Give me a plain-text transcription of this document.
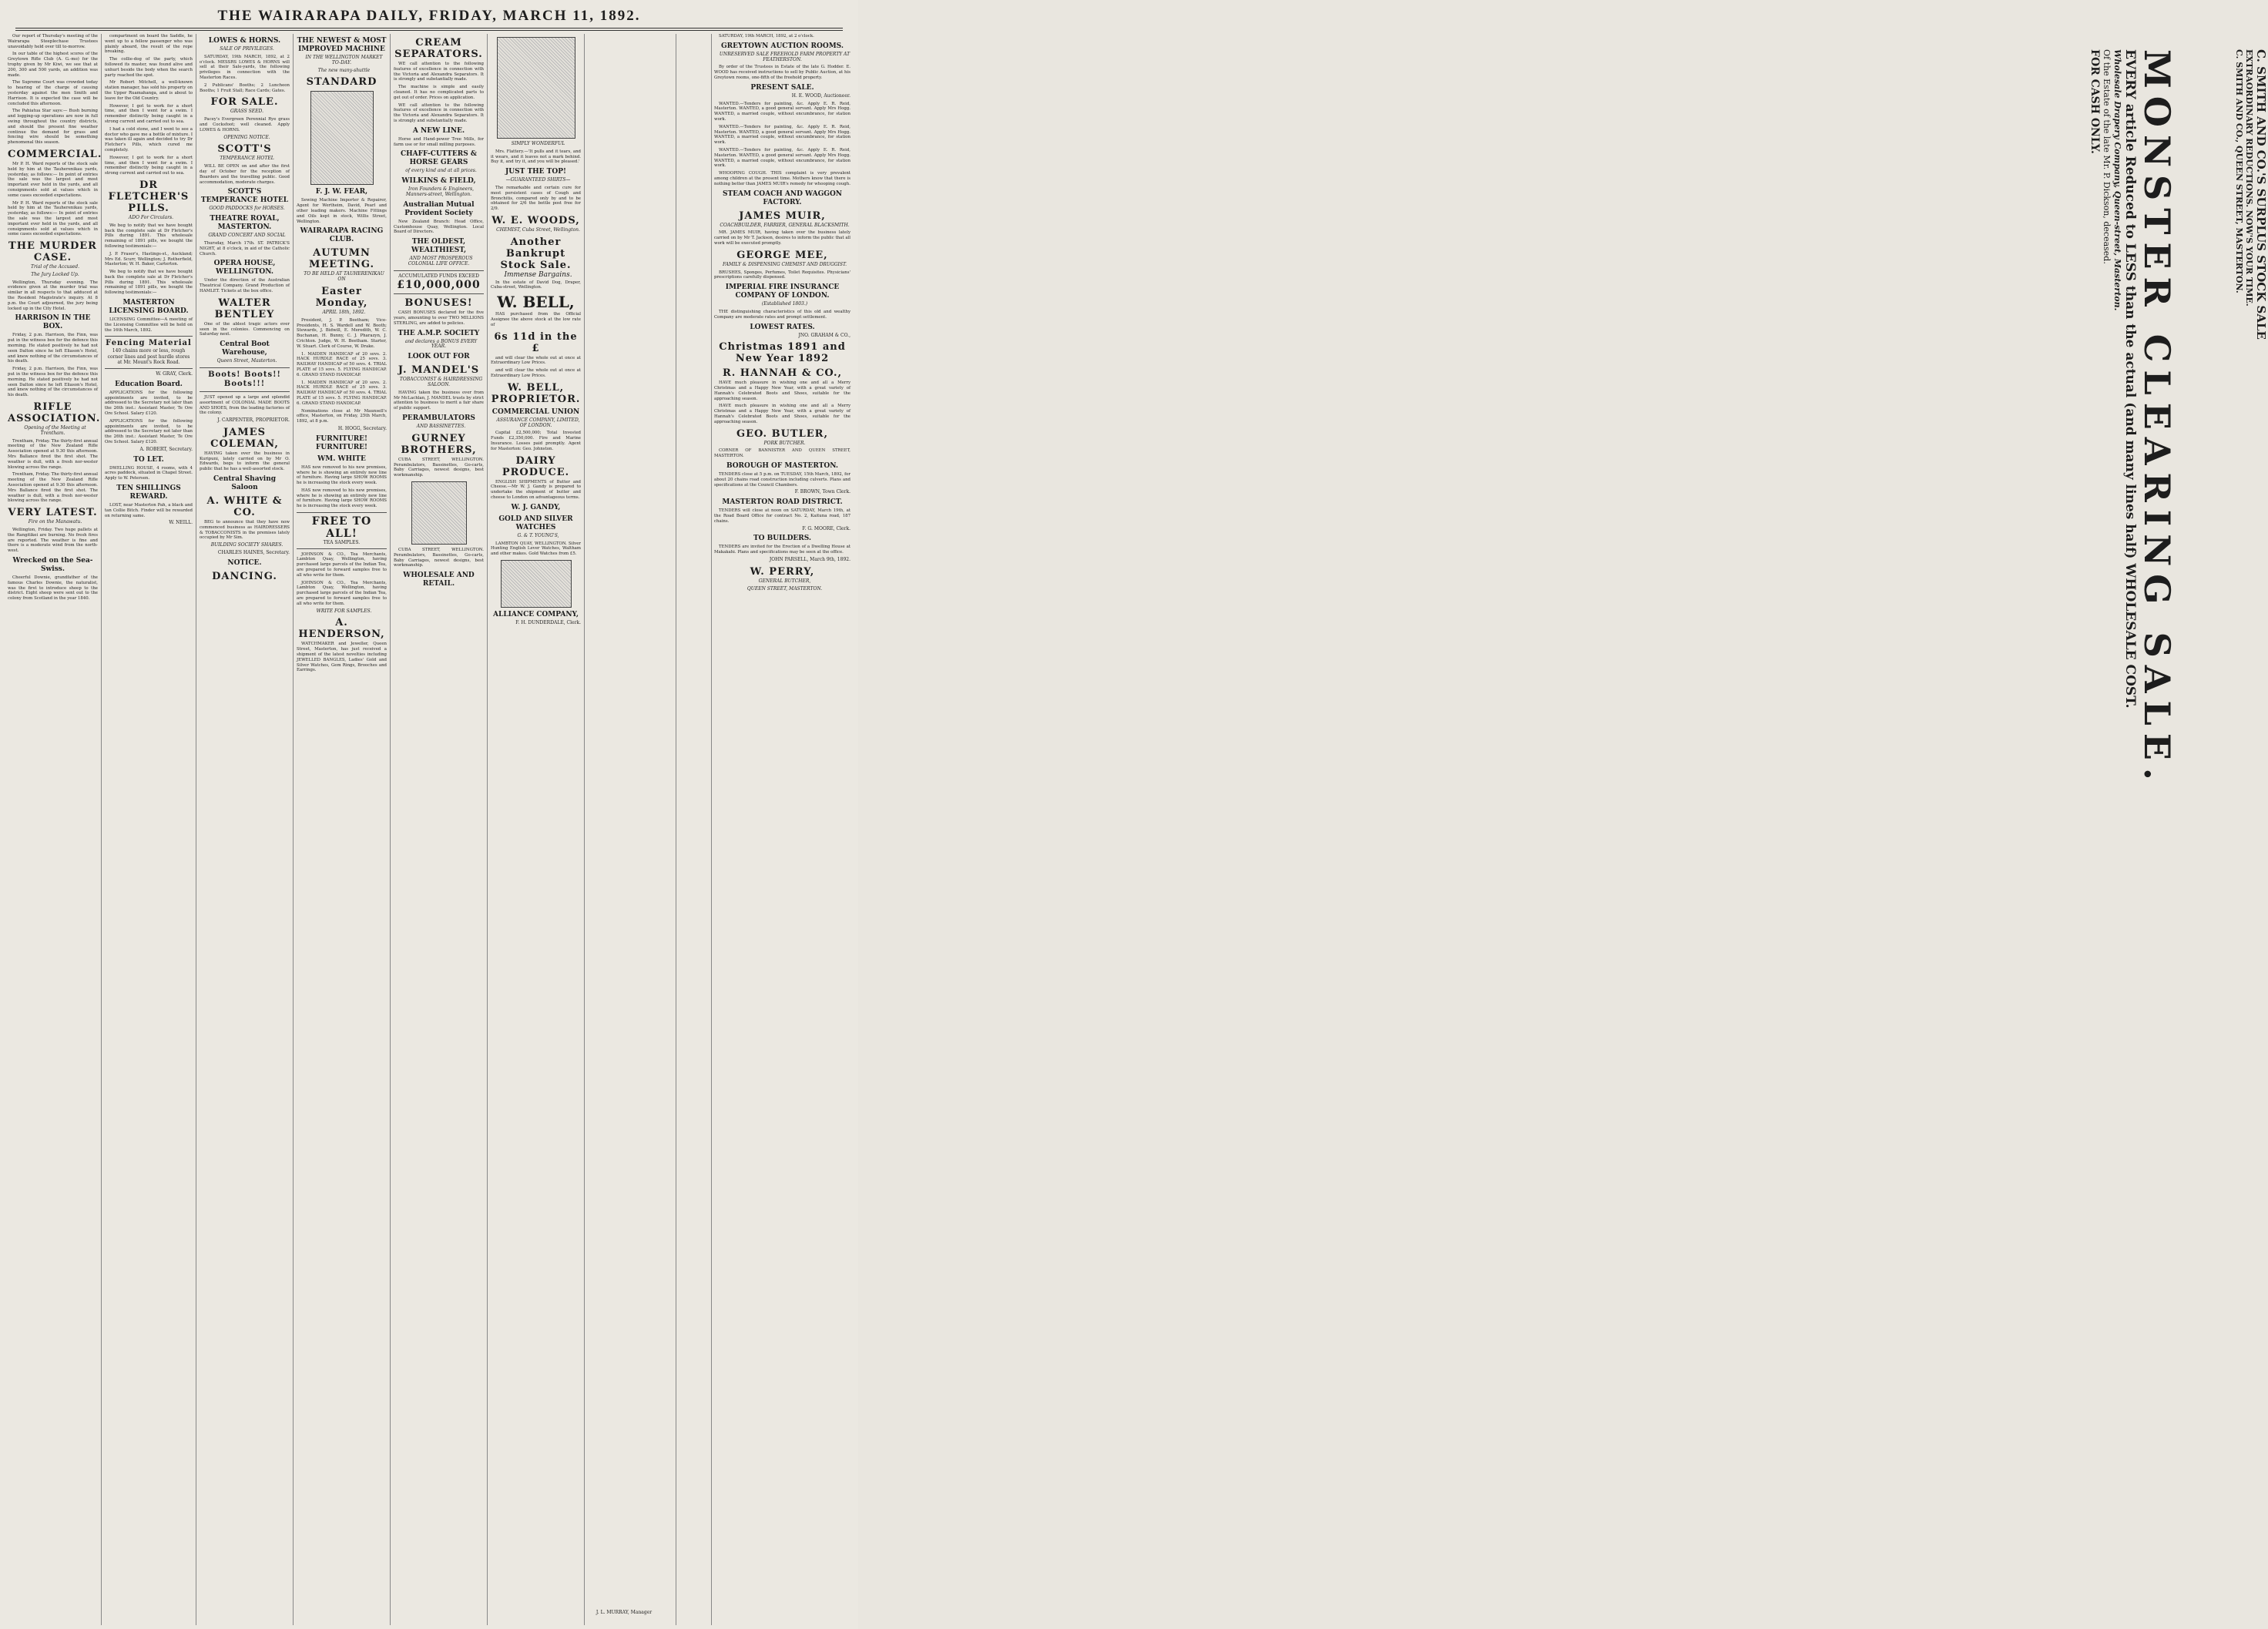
THE WAIRARAPA DAILY, FRIDAY, MARCH 11, 1892.

Our report of Thursday's meeting of the Wairarapa Steeplechase Trustees unavoidably held over till to-morrow.

In our table of the highest scores of the Greytown Rifle Club (A. G.-mo) for the trophy given by Mr Kiwi, we see that at 200, 300 and 500 yards, an addition was made.

The Supreme Court was crowded today to hearing of the charge of causing yesterday against the men Smith and Harrison. It is expected the case will be concluded this afternoon.

The Pahiatua Star says:— Bush burning and logging-up operations are now in full swing throughout the country districts, and should the present fine weather continue the demand for grass and fencing wire should be something phenomenal this season.

COMMERCIAL.

Mr P. H. Ward reports of the stock sale held by him at the Tauherenikau yards, yesterday, as follows:— In point of entries the sale was the largest and most important ever held in the yards, and all consignments sold at values which in some cases exceeded expectations.

Mr P. H. Ward reports of the stock sale held by him at the Tauherenikau yards, yesterday, as follows:— In point of entries the sale was the largest and most important ever held in the yards, and all consignments sold at values which in some cases exceeded expectations.

THE MURDER CASE.

Trial of the Accused.

The Jury Locked Up.

Wellington, Thursday evening. The evidence given at the murder trial was similar in all respects to that adduced at the Resident Magistrate's inquiry. At 8 p.m. the Court adjourned, the jury being locked up in the City Hotel.

HARRISON IN THE BOX.

Friday, 2 p.m. Harrison, the Finn, was put in the witness box for the defence this morning. He stated positively he had not seen Dalton since he left Eliason's Hotel, and knew nothing of the circumstances of his death.

Friday, 2 p.m. Harrison, the Finn, was put in the witness box for the defence this morning. He stated positively he had not seen Dalton since he left Eliason's Hotel, and knew nothing of the circumstances of his death.

RIFLE ASSOCIATION.

Opening of the Meeting at Trentham.

Trentham, Friday. The thirty-first annual meeting of the New Zealand Rifle Association opened at 9.30 this afternoon. Mrs Ballance fired the first shot. The weather is dull, with a fresh nor-wester blowing across the range.

Trentham, Friday. The thirty-first annual meeting of the New Zealand Rifle Association opened at 9.30 this afternoon. Mrs Ballance fired the first shot. The weather is dull, with a fresh nor-wester blowing across the range.

VERY LATEST.

Fire on the Manawatu.

Wellington, Friday. Two huge pallets at the Rangitikei are burning. No fresh fires are reported. The weather is fine and there is a moderate wind from the north-west.

Wrecked on the Sea-Swiss.

Cheerful Downie, grandfather of the famous Charles Downie, the naturalist, was the first to introduce sheep to the district. Eight sheep were sent out to the colony from Scotland in the year 1840.

compartment on board the Saddle, he went up to a fellow passenger who was plainly aboard, the result of the rope breaking.

The collie-dog of the party, which followed its master, was found alive and unhurt beside the body when the search party reached the spot.

Mr Robert Mitchell, a well-known station manager, has sold his property on the Upper Ruamahanga, and is about to leave for the Old Country.

However, I got to work for a short time, and then I went for a swim. I remember distinctly being caught in a strong current and carried out to sea.

I had a cold stone, and I went to see a doctor who gave me a bottle of mixture. I was taken ill again and decided to try Dr Fletcher's Pills, which cured me completely.

However, I got to work for a short time, and then I went for a swim. I remember distinctly being caught in a strong current and carried out to sea.

DR FLETCHER'S PILLS.

ADO For Circulars.

We beg to notify that we have bought back the complete sale at Dr Fletcher's Pills during 1891. This wholesale remaining of 1891 pills, we bought the following testimonials:—

J. P. Fraser's, Hastings-st., Auckland; Mrs Ed. Scurr, Wellington; J. Rotherfield, Masterton; W. H. Baker, Carterton.

We beg to notify that we have bought back the complete sale at Dr Fletcher's Pills during 1891. This wholesale remaining of 1891 pills, we bought the following testimonials:—

MASTERTON LICENSING BOARD.

LICENSING Committee—A meeting of the Licensing Committee will be held on the 16th March, 1892.

Fencing Material
140 chains more or less, rough corner lines and post hurdle stores at Mr. Mount's Rock Road.

W. GRAY, Clerk.

Education Board.

APPLICATIONS for the following appointments are invited, to be addressed to the Secretary not later than the 26th inst.: Assistant Master, Te Ore Ore School. Salary £120.

APPLICATIONS for the following appointments are invited, to be addressed to the Secretary not later than the 26th inst.: Assistant Master, Te Ore Ore School. Salary £120.

A. ROBERT, Secretary.

TO LET.

DWELLING HOUSE, 4 rooms, with 4 acres paddock, situated in Chapel Street. Apply to W. Petersen.

TEN SHILLINGS REWARD.

LOST, near Masterton Pah, a black and tan Collie Bitch. Finder will be rewarded on returning same.

W. NEILL.

LOWES & HORNS.

SALE OF PRIVILEGES.

SATURDAY, 19th MARCH, 1892, at 2 o'clock. MESSRS LOWES & HORNS will sell at their Sale-yards, the following privileges in connection with the Masterton Races.

2 Publicans' Booths; 2 Luncheon Booths; 1 Fruit Stall; Race Cards; Gates.

FOR SALE.

GRASS SEED.

Pacey's Evergreen Perennial Rye grass and Cocksfoot; well cleaned. Apply LOWES & HORNS.

OPENING NOTICE.

SCOTT'S

TEMPERANCE HOTEL

WILL BE OPEN on and after the first day of October for the reception of Boarders and the travelling public. Good accommodation, moderate charges.

SCOTT'S TEMPERANCE HOTEL

GOOD PADDOCKS for HORSES.

THEATRE ROYAL, MASTERTON.

GRAND CONCERT AND SOCIAL

Thursday, March 17th. ST. PATRICK'S NIGHT, at 8 o'clock, in aid of the Catholic Church.

OPERA HOUSE, WELLINGTON.

Under the direction of the Australian Theatrical Company. Grand Production of HAMLET. Tickets at the box office.

WALTER BENTLEY

One of the ablest tragic actors ever seen in the colonies. Commencing on Saturday next.

Central Boot Warehouse,

Queen Street, Masterton.

Boots! Boots!! Boots!!!

JUST opened up a large and splendid assortment of COLONIAL MADE BOOTS AND SHOES, from the leading factories of the colony.

J. CARPENTER, PROPRIETOR.

JAMES COLEMAN,

HAVING taken over the business in Kuripuni, lately carried on by Mr O. Edwards, begs to inform the general public that he has a well-assorted stock.

Central Shaving Saloon
A. WHITE & CO.

BEG to announce that they have now commenced business as HAIRDRESSERS & TOBACCONISTS in the premises lately occupied by Mr Sim.

BUILDING SOCIETY SHARES.

CHARLES HAINES, Secretary.

NOTICE.
DANCING.
THE NEWEST & MOST IMPROVED MACHINE

IN THE WELLINGTON MARKET TO-DAY.

The new many-shuttle

STANDARD
F. J. W. FEAR,

Sewing Machine Importer & Repairer, Agent for Wertheim, David, Pearl and other leading makers. Machine Fittings and Oils kept in stock, Willis Street, Wellington.

WAIRARAPA RACING CLUB.
AUTUMN MEETING.

TO BE HELD AT TAUHERENIKAU ON

Easter Monday,

APRIL 18th, 1892.

President, J. P. Beetham; Vice-Presidents, H. S. Wardell and W. Booth; Stewards, J. Bidwill, E. Meredith, W. C. Buchanan, H. Bunny, C. J. Pharazyn, J. Crichton. Judge, W. H. Beetham. Starter, W. Stuart. Clerk of Course, W. Drake.

1. MAIDEN HANDICAP of 20 sovs. 2. HACK HURDLE RACE of 25 sovs. 3. RAILWAY HANDICAP of 50 sovs. 4. TRIAL PLATE of 15 sovs. 5. FLYING HANDICAP. 6. GRAND STAND HANDICAP.

1. MAIDEN HANDICAP of 20 sovs. 2. HACK HURDLE RACE of 25 sovs. 3. RAILWAY HANDICAP of 50 sovs. 4. TRIAL PLATE of 15 sovs. 5. FLYING HANDICAP. 6. GRAND STAND HANDICAP.

Nominations close at Mr Maunsell's office, Masterton, on Friday, 25th March, 1892, at 8 p.m.

H. HOGG, Secretary.

FURNITURE! FURNITURE!
WM. WHITE

HAS now removed to his new premises, where he is showing an entirely new line of furniture. Having large SHOW ROOMS he is increasing the stock every week.

HAS now removed to his new premises, where he is showing an entirely new line of furniture. Having large SHOW ROOMS he is increasing the stock every week.

FREE TO ALL!
TEA SAMPLES.

JOHNSON & CO., Tea Merchants, Lambton Quay, Wellington, having purchased large parcels of the Indian Tea, are prepared to forward samples free to all who write for them.

JOHNSON & CO., Tea Merchants, Lambton Quay, Wellington, having purchased large parcels of the Indian Tea, are prepared to forward samples free to all who write for them.

WRITE FOR SAMPLES.

A. HENDERSON,

WATCHMAKER and Jeweller, Queen Street, Masterton, has just received a shipment of the latest novelties including JEWELLED BANGLES, Ladies' Gold and Silver Watches, Gem Rings, Brooches and Earrings.

CREAM SEPARATORS.

WE call attention to the following features of excellence in connection with the Victoria and Alexandra Separators. It is strongly and substantially made.

The machine is simple and easily cleaned. It has no complicated parts to get out of order. Prices on application.

WE call attention to the following features of excellence in connection with the Victoria and Alexandra Separators. It is strongly and substantially made.

A NEW LINE.

Horse and Hand-power Tree Mills, for farm use or for small milling purposes.

CHAFF-CUTTERS & HORSE GEARS

of every kind and at all prices.

WILKINS & FIELD,

Iron Founders & Engineers, Manners-street, Wellington.

Australian Mutual Provident Society

New Zealand Branch: Head Office, Customhouse Quay, Wellington. Local Board of Directors.

THE OLDEST, WEALTHIEST,

AND MOST PROSPEROUS COLONIAL LIFE OFFICE.

ACCUMULATED FUNDS EXCEED
£10,000,000
BONUSES!

CASH BONUSES declared for the five years, amounting to over TWO MILLIONS STERLING, are added to policies.

THE A.M.P. SOCIETY

and declares a BONUS EVERY YEAR.

LOOK OUT FOR
J. MANDEL'S

TOBACCONIST & HAIRDRESSING SALOON.

HAVING taken the business over from Mr McLachlan, J. MANDEL trusts by strict attention to business to merit a fair share of public support.

PERAMBULATORS

AND BASSINETTES.

GURNEY BROTHERS,

CUBA STREET, WELLINGTON. Perambulators, Bassinettes, Go-carts, Baby Carriages, newest designs, best workmanship.

CUBA STREET, WELLINGTON. Perambulators, Bassinettes, Go-carts, Baby Carriages, newest designs, best workmanship.

WHOLESALE AND RETAIL.

SIMPLY WONDERFUL

Mrs. Flattery.—'It pulls and it tears, and it wears, and it leaves not a mark behind. Buy it, and try it, and you will be pleased.'

JUST THE TOP!

—GUARANTEED SHIRTS—

The remarkable and certain cure for most persistent cases of Cough and Bronchitis, compared only by and to be obtained for 2/6 the bottle post free for 2/9.

W. E. WOODS,

CHEMIST, Cuba Street, Wellington.

Another Bankrupt Stock Sale.

Immense Bargains.

In the estate of David Dog, Draper, Cuba-street, Wellington.

W. BELL,

HAS purchased from the Official Assignee the above stock at the low rate of

6s 11d in the £

and will clear the whole out at once at Extraordinary Low Prices.

and will clear the whole out at once at Extraordinary Low Prices.

W. BELL, PROPRIETOR.
COMMERCIAL UNION

ASSURANCE COMPANY, LIMITED, OF LONDON.

Capital £2,500,000; Total Invested Funds £2,350,000. Fire and Marine Insurance. Losses paid promptly. Agent for Masterton: Geo. Johnston.

DAIRY PRODUCE.

ENGLISH SHIPMENTS of Butter and Cheese.—Mr W. J. Gandy is prepared to undertake the shipment of butter and cheese to London on advantageous terms.

W. J. GANDY,
GOLD AND SILVER WATCHES

G. & T. YOUNG'S,

LAMBTON QUAY, WELLINGTON. Silver Hunting English Lever Watches, Waltham and other makes. Gold Watches from £5.

ALLIANCE COMPANY,

F. H. DUNDERDALE, Clerk.	MONSTER CLEARING SALE.
EVERY article Reduced to LESS than the actual (and many lines half) WHOLESALE COST.
Wholesale Drapery Company, Queen-street, Masterton.
Of the Estate of the late Mr. P. Dickson, deceased.
FOR CASH ONLY.	C. SMITH AND CO.'S SURPLUS STOCK SALE
EXTRAORDINARY REDUCTIONS. NOW'S YOUR TIME.
C. SMITH AND CO., QUEEN STREET, MASTERTON.

SATURDAY, 19th MARCH, 1892, at 2 o'clock.

GREYTOWN AUCTION ROOMS.

UNRESERVED SALE FREEHOLD FARM PROPERTY AT FEATHERSTON.

By order of the Trustees in Estate of the late G. Hodder. E. WOOD has received instructions to sell by Public Auction, at his Greytown rooms, one-fifth of the freehold property.

PRESENT SALE.

H. E. WOOD, Auctioneer.

WANTED.—Tenders for painting, &c. Apply E. R. Reid, Masterton. WANTED, a good general servant. Apply Mrs Hogg. WANTED, a married couple, without encumbrance, for station work.

WANTED.—Tenders for painting, &c. Apply E. R. Reid, Masterton. WANTED, a good general servant. Apply Mrs Hogg. WANTED, a married couple, without encumbrance, for station work.

WANTED.—Tenders for painting, &c. Apply E. R. Reid, Masterton. WANTED, a good general servant. Apply Mrs Hogg. WANTED, a married couple, without encumbrance, for station work.

WHOOPING COUGH. THIS complaint is very prevalent among children at the present time. Mothers know that there is nothing better than JAMES MUIR's remedy for whooping cough.

STEAM COACH AND WAGGON FACTORY.
JAMES MUIR,

COACHBUILDER, FARRIER, GENERAL BLACKSMITH.

MR. JAMES MUIR, having taken over the business lately carried on by Mr T. Jackson, desires to inform the public that all work will be executed promptly.

GEORGE MEE,

FAMILY & DISPENSING CHEMIST AND DRUGGIST.

BRUSHES, Sponges, Perfumes, Toilet Requisites. Physicians' prescriptions carefully dispensed.

IMPERIAL FIRE INSURANCE COMPANY OF LONDON.

(Established 1803.)

THE distinguishing characteristics of this old and wealthy Company are moderate rates and prompt settlement.

LOWEST RATES.

JNO. GRAHAM & CO.,

Christmas 1891 and New Year 1892
R. HANNAH & CO.,

HAVE much pleasure in wishing one and all a Merry Christmas and a Happy New Year, with a great variety of Hannah's Celebrated Boots and Shoes, suitable for the approaching season.

HAVE much pleasure in wishing one and all a Merry Christmas and a Happy New Year, with a great variety of Hannah's Celebrated Boots and Shoes, suitable for the approaching season.

GEO. BUTLER,

PORK BUTCHER.

CORNER OF BANNISTER AND QUEEN STREET, MASTERTON.

BOROUGH OF MASTERTON.

TENDERS close at 5 p.m. on TUESDAY, 15th March, 1892, for about 20 chains road construction including culverts. Plans and specifications at the Council Chambers.

F. BROWN, Town Clerk.

MASTERTON ROAD DISTRICT.

TENDERS will close at noon on SATURDAY, March 19th, at the Road Board Office for contract No. 2, Kaituna road, 187 chains.

F. G. MOORE, Clerk.

TO BUILDERS.

TENDERS are invited for the Erection of a Dwelling House at Makakahi. Plans and specifications may be seen at the office.

JOHN PARSELL, March 9th, 1892.

W. PERRY,

GENERAL BUTCHER,

QUEEN STREET, MASTERTON.

J. L. MURRAY, Manager
